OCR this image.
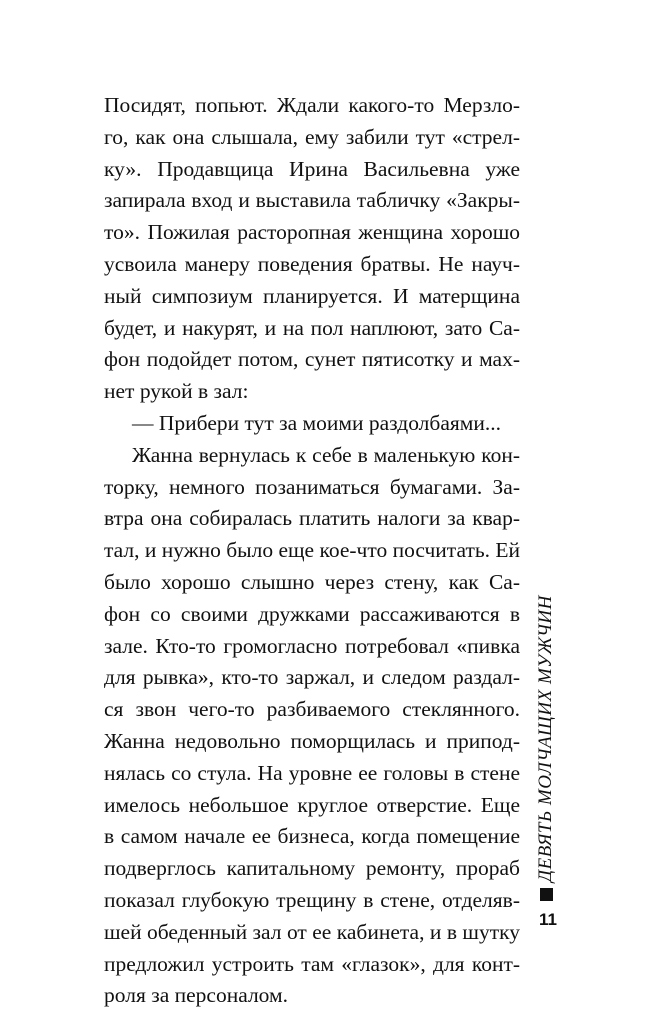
Посидят, попьют. Ждали какого-то Мерзло-
го, как она слышала, ему забили тут «стрел-
ку». Продавщица Ирина Васильевна уже
запирала вход и выставила табличку «Закры-
то». Пожилая расторопная женщина хорошо
усвоила манеру поведения братвы. Не науч-
ный симпозиум планируется. И матерщина
будет, и накурят, и на пол наплюют, зато Са-
фон подойдет потом, сунет пятисотку и мах-
нет рукой в зал:
— Прибери тут за моими раздолбаями...
Жанна вернулась к себе в маленькую кон-
торку, немного позаниматься бумагами. За-
втра она собиралась платить налоги за квар-
тал, и нужно было еще кое-что посчитать. Ей
было хорошо слышно через стену, как Са-
фон со своими дружками рассаживаются в
зале. Кто-то громогласно потребовал «пивка
для рывка», кто-то заржал, и следом раздал-
ся звон чего-то разбиваемого стеклянного.
Жанна недовольно поморщилась и припод-
нялась со стула. На уровне ее головы в стене
имелось небольшое круглое отверстие. Еще
в самом начале ее бизнеса, когда помещение
подверглось капитальному ремонту, прораб
показал глубокую трещину в стене, отделяв-
шей обеденный зал от ее кабинета, и в шутку
предложил устроить там «глазок», для конт-
роля за персоналом.
ДЕВЯТЬ МОЛЧАЩИХ МУЖЧИН
11
